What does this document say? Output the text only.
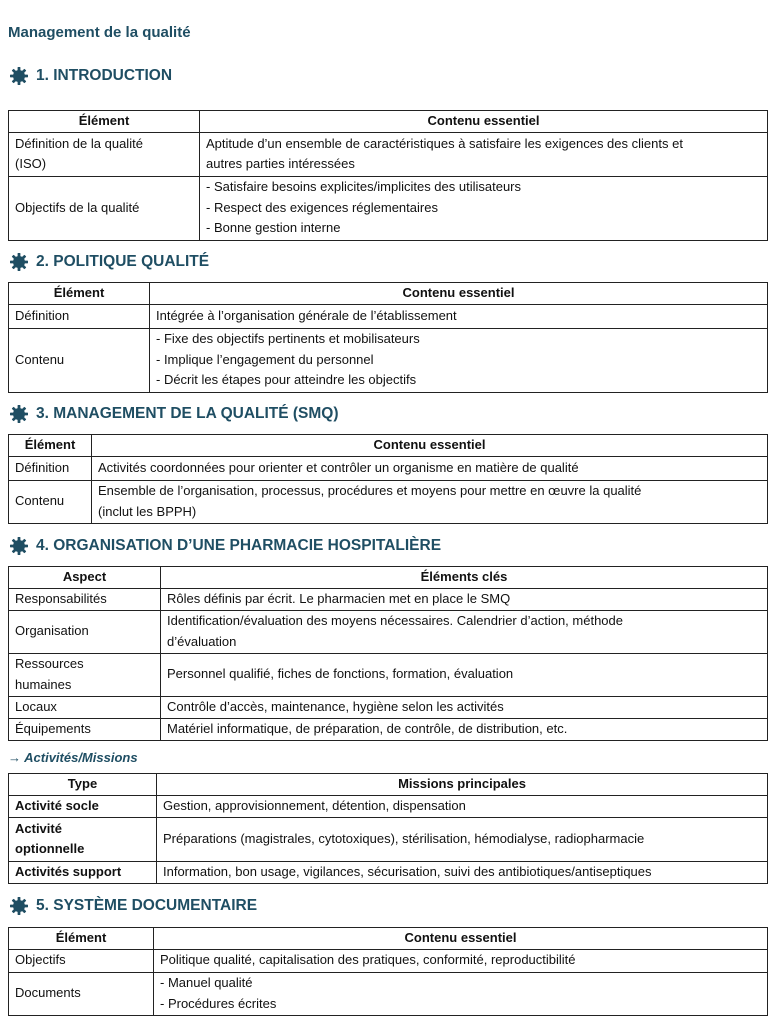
Management de la qualité
1. INTRODUCTION
Élément	Contenu essentiel

Définition de la qualité
(ISO)	Aptitude d’un ensemble de caractéristiques à satisfaire les exigences des clients et
autres parties intéressées

Objectifs de la qualité	- Satisfaire besoins explicites/implicites des utilisateurs
- Respect des exigences réglementaires
- Bonne gestion interne
2. POLITIQUE QUALITÉ
Élément	Contenu essentiel

Définition	Intégrée à l’organisation générale de l’établissement

Contenu	- Fixe des objectifs pertinents et mobilisateurs
- Implique l’engagement du personnel
- Décrit les étapes pour atteindre les objectifs
3. MANAGEMENT DE LA QUALITÉ (SMQ)
Élément	Contenu essentiel

Définition	Activités coordonnées pour orienter et contrôler un organisme en matière de qualité

Contenu	Ensemble de l’organisation, processus, procédures et moyens pour mettre en œuvre la qualité
(inclut les BPPH)
4. ORGANISATION D’UNE PHARMACIE HOSPITALIÈRE
Aspect	Éléments clés

Responsabilités	Rôles définis par écrit. Le pharmacien met en place le SMQ

Organisation	Identification/évaluation des moyens nécessaires. Calendrier d’action, méthode
d’évaluation

Ressources
humaines	Personnel qualifié, fiches de fonctions, formation, évaluation

Locaux	Contrôle d’accès, maintenance, hygiène selon les activités

Équipements	Matériel informatique, de préparation, de contrôle, de distribution, etc.
→ Activités/Missions
Type	Missions principales

Activité socle	Gestion, approvisionnement, détention, dispensation

Activité
optionnelle	Préparations (magistrales, cytotoxiques), stérilisation, hémodialyse, radiopharmacie

Activités support	Information, bon usage, vigilances, sécurisation, suivi des antibiotiques/antiseptiques
5. SYSTÈME DOCUMENTAIRE
Élément	Contenu essentiel

Objectifs	Politique qualité, capitalisation des pratiques, conformité, reproductibilité

Documents	- Manuel qualité
- Procédures écrites
